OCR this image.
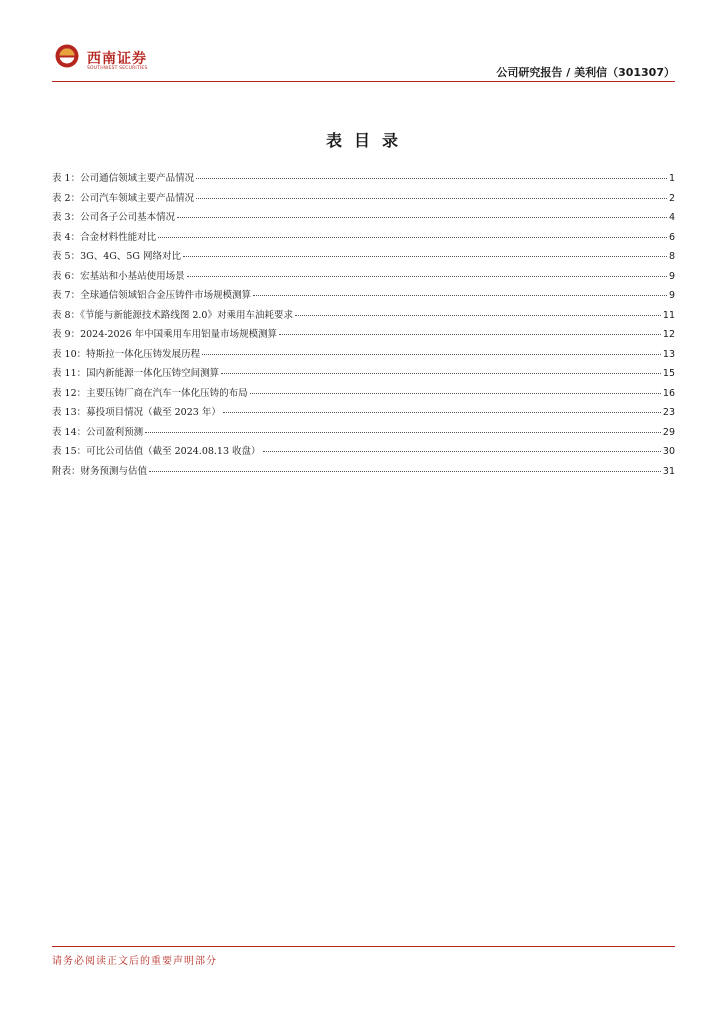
西南证券
SOUTHWEST SECURITIES	公司研究报告 / 美利信（301307）
表目录
表 1：公司通信领域主要产品情况	1
表 2：公司汽车领域主要产品情况	2
表 3：公司各子公司基本情况	4
表 4：合金材料性能对比	6
表 5：3G、4G、5G 网络对比	8
表 6：宏基站和小基站使用场景	9
表 7：全球通信领域铝合金压铸件市场规模测算	9
表 8：《节能与新能源技术路线图 2.0》对乘用车油耗要求	11
表 9：2024-2026 年中国乘用车用铝量市场规模测算	12
表 10：特斯拉一体化压铸发展历程	13
表 11：国内新能源一体化压铸空间测算	15
表 12：主要压铸厂商在汽车一体化压铸的布局	16
表 13：募投项目情况（截至 2023 年）	23
表 14：公司盈利预测	29
表 15：可比公司估值（截至 2024.08.13 收盘）	30
附表：财务预测与估值	31
请务必阅读正文后的重要声明部分
